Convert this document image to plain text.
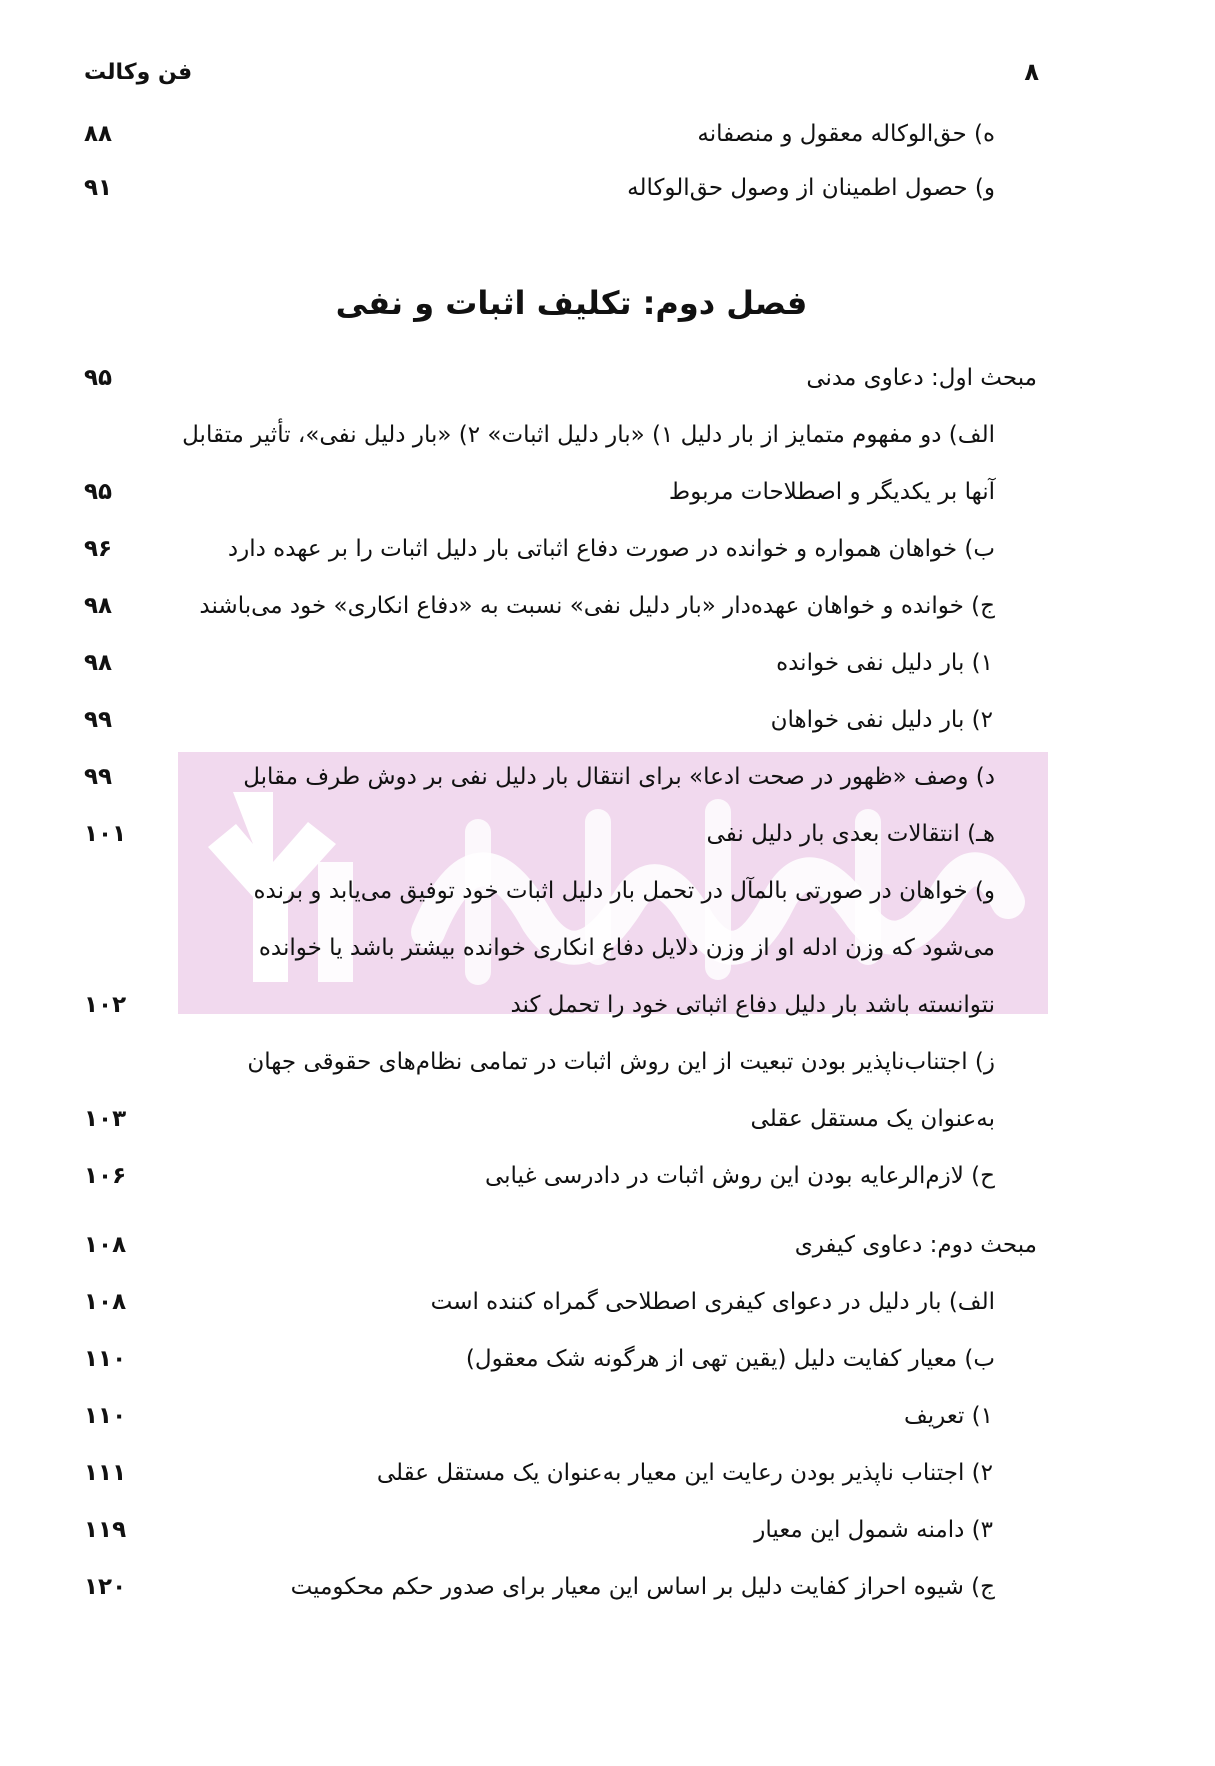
۸
فن وکالت
ه) حق‌الوکاله معقول و منصفانه
۸۸
و) حصول اطمینان از وصول حق‌الوکاله
۹۱
فصل دوم: تکلیف اثبات و نفی
مبحث اول: دعاوی مدنی
۹۵
الف) دو مفهوم متمایز از بار دلیل ۱) «بار دلیل اثبات» ۲) «بار دلیل نفی»، تأثیر متقابل
آنها بر یکدیگر و اصطلاحات مربوط
۹۵
ب) خواهان همواره و خوانده در صورت دفاع اثباتی بار دلیل اثبات را بر عهده دارد
۹۶
ج) خوانده و خواهان عهده‌دار «بار دلیل نفی» نسبت به «دفاع انکاری» خود می‌باشند
۹۸
۱) بار دلیل نفی خوانده
۹۸
۲) بار دلیل نفی خواهان
۹۹
د) وصف «ظهور در صحت ادعا» برای انتقال بار دلیل نفی بر دوش طرف مقابل
۹۹
هـ) انتقالات بعدی بار دلیل نفی
۱۰۱
و) خواهان در صورتی بالمآل در تحمل بار دلیل اثبات خود توفیق می‌یابد و برنده
می‌شود که وزن ادله او از وزن دلایل دفاع انکاری خوانده بیشتر باشد یا خوانده
نتوانسته باشد بار دلیل دفاع اثباتی خود را تحمل کند
۱۰۲
ز) اجتناب‌ناپذیر بودن تبعیت از این روش اثبات در تمامی نظام‌های حقوقی جهان
به‌عنوان یک مستقل عقلی
۱۰۳
ح) لازم‌الرعایه بودن این روش اثبات در دادرسی غیابی
۱۰۶
مبحث دوم: دعاوی کیفری
۱۰۸
الف) بار دلیل در دعوای کیفری اصطلاحی گمراه کننده است
۱۰۸
ب) معیار کفایت دلیل (یقین تهی از هرگونه شک معقول)
۱۱۰
۱) تعریف
۱۱۰
۲) اجتناب ناپذیر بودن رعایت این معیار به‌عنوان یک مستقل عقلی
۱۱۱
۳) دامنه شمول این معیار
۱۱۹
ج) شیوه احراز کفایت دلیل بر اساس این معیار برای صدور حکم محکومیت
۱۲۰
